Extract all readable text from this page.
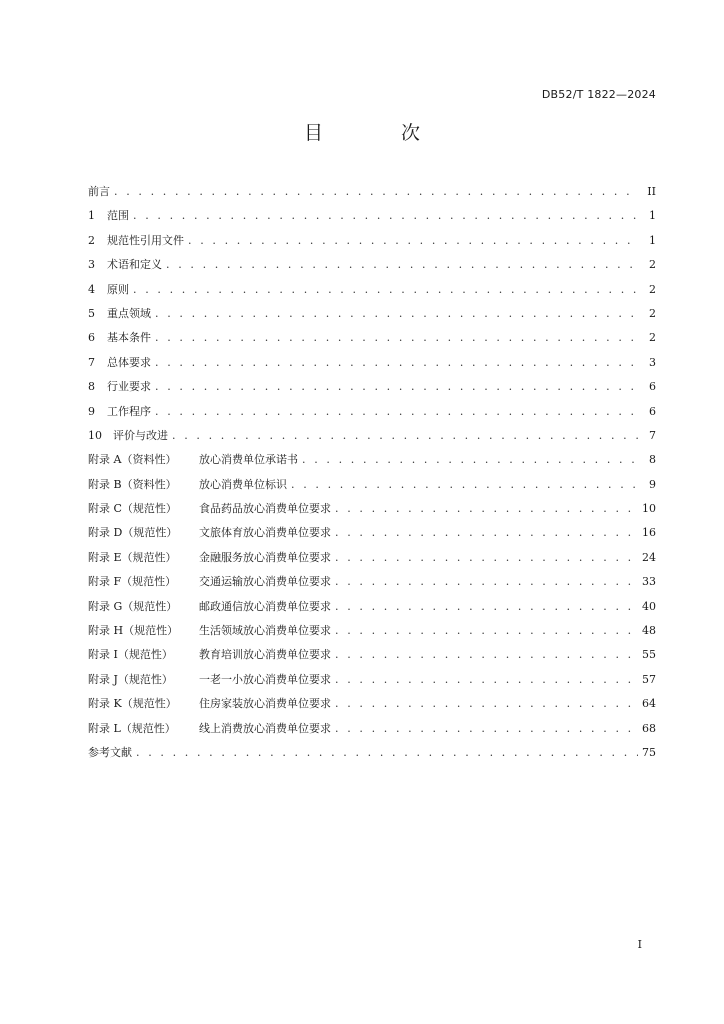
DB52/T 1822—2024
目 次
前言 . . .	II
1	范围 . . .	1
2	规范性引用文件 . . .	1
3	术语和定义 . . .	2
4	原则 . . .	2
5	重点领域 . . .	2
6	基本条件 . . .	2
7	总体要求 . . .	3
8	行业要求 . . .	6
9	工作程序 . . .	6
10	评价与改进 . . .	7
附录 A（资料性）	放心消费单位承诺书 . . .	8
附录 B（资料性）	放心消费单位标识 . . .	9
附录 C（规范性）	食品药品放心消费单位要求 . . .	10
附录 D（规范性）	文旅体育放心消费单位要求 . . .	16
附录 E（规范性）	金融服务放心消费单位要求 . . .	24
附录 F（规范性）	交通运输放心消费单位要求 . . .	33
附录 G（规范性）	邮政通信放心消费单位要求 . . .	40
附录 H（规范性）	生活领域放心消费单位要求 . . .	48
附录 I（规范性）	教育培训放心消费单位要求 . . .	55
附录 J（规范性）	一老一小放心消费单位要求 . . .	57
附录 K（规范性）	住房家装放心消费单位要求 . . .	64
附录 L（规范性）	线上消费放心消费单位要求 . . .	68
参考文献 . . .	75
I
